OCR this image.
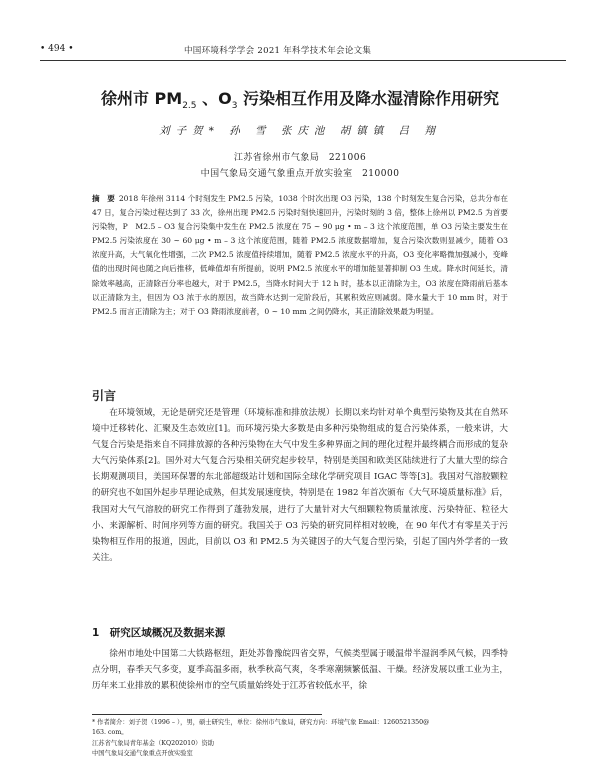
• 494 •	中国环境科学学会 2021 年科学技术年会论文集
徐州市 $PM_{2.5}$ 、$O_3$ 污染相互作用及降水湿清除作用研究
刘子贺* 孙 雪 张庆池 胡镇镇 吕 翔
江苏省徐州市气象局　221006
中国气象局交通气象重点开放实验室　210000
摘　要 2018 年徐州 3114 个时刻发生 PM2.5 污染，1038 个时次出现 O3 污染，138 个时刻发生复合污染，总共分布在 47 日，复合污染过程达到了 33 次，徐州出现 PM2.5 污染时刻快速回升，污染时刻的 3 倍，整体上徐州以 PM2.5 为首要污染物，P　M2.5 – O3 复合污染集中发生在 PM2.5 浓度在 75 ~ 90 μg • m – 3 这个浓度范围，单 O3 污染主要发生在 PM2.5 污染浓度在 30 ~ 60 μg • m – 3 这个浓度范围，随着 PM2.5 浓度数据增加，复合污染次数则显减少，随着 O3 浓度升高，大气氧化性增强，二次 PM2.5 浓度值持续增加，随着 PM2.5 浓度水平的升高，O3 变化率略微加强减小，变峰值的出现时间也随之向后推移，低峰值却有所提前，说明 PM2.5 浓度水平的增加能显著抑制 O3 生成。降水时间延长，清除效率越高，正清除百分率也越大，对于 PM2.5，当降水时间大于 12 h 时，基本以正清除为主，O3 浓度在降雨前后基本以正清除为主，但因为 O3 浓于水的原因，故当降水达到一定阶段后，其累积效应则减弱。降水量大于 10 mm 时，对于 PM2.5 而言正清除为主；对于 O3 降雨浓度前者，0 ~ 10 mm 之间仍降水，其正清除效果最为明显。
引言
在环境领域，无论是研究还是管理（环境标准和排放法规）长期以来均针对单个典型污染物及其在自然环境中迁移转化、汇聚及生态效应[1]。而环境污染大多数是由多种污染物组成的复合污染体系，一般来讲，大气复合污染是指来自不同排放源的各种污染物在大气中发生多种界面之间的理化过程并最终耦合而形成的复杂大气污染体系[2]。国外对大气复合污染相关研究起步较早，特别是美国和欧美区陆续进行了大量大型的综合长期观测项目，美国环保署的东北部超级站计划和国际全球化学研究项目 IGAC 等等[3]。我国对气溶胶颗粒的研究也不如国外起步早理论成熟，但其发展速度快，特别是在 1982 年首次颁布《大气环境质量标准》后，我国对大气气溶胶的研究工作得到了蓬勃发展，进行了大量针对大气细颗粒物质量浓度、污染特征、粒径大小、来源解析、时间序列等方面的研究。我国关于 O3 污染的研究同样相对较晚，在 90 年代才有零星关于污染物相互作用的报道，因此，目前以 O3 和 PM2.5 为关键因子的大气复合型污染，引起了国内外学者的一致关注。
1　研究区域概况及数据来源
徐州市地处中国第二大铁路枢纽，距处苏鲁豫皖四省交界，气候类型属于暖温带半湿润季风气候，四季特点分明，春季天气多变，夏季高温多雨，秋季秋高气爽，冬季寒潮频繁低温、干燥。经济发展以重工业为主，历年来工业排放的累积使徐州市的空气质量始终处于江苏省较低水平，徐
* 作者简介：刘子贺（1996 – ），男，硕士研究生，单位：徐州市气象局，研究方向：环境气象 Email：1260521350@
163. com。
江苏省气象局青年基金（KQ202010）资助
中国气象局交通气象重点开放实验室
